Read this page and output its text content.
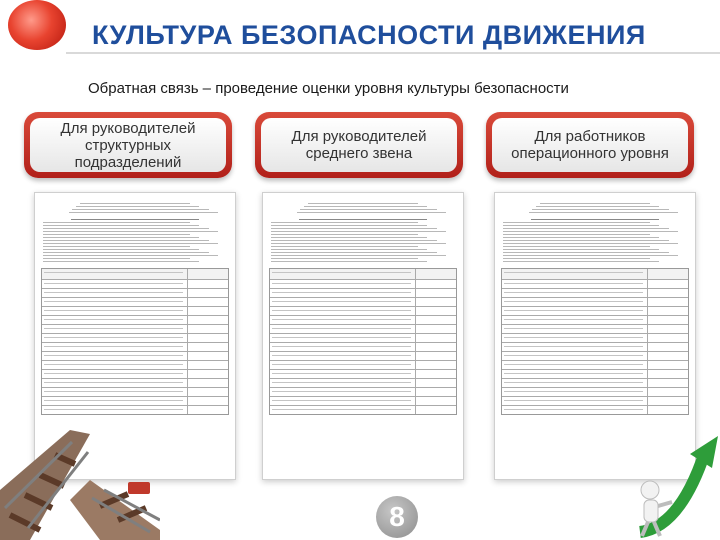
КУЛЬТУРА БЕЗОПАСНОСТИ ДВИЖЕНИЯ
Обратная связь – проведение оценки уровня культуры безопасности
Для руководителей структурных подразделений
Для руководителей среднего звена
Для работников операционного уровня
8
